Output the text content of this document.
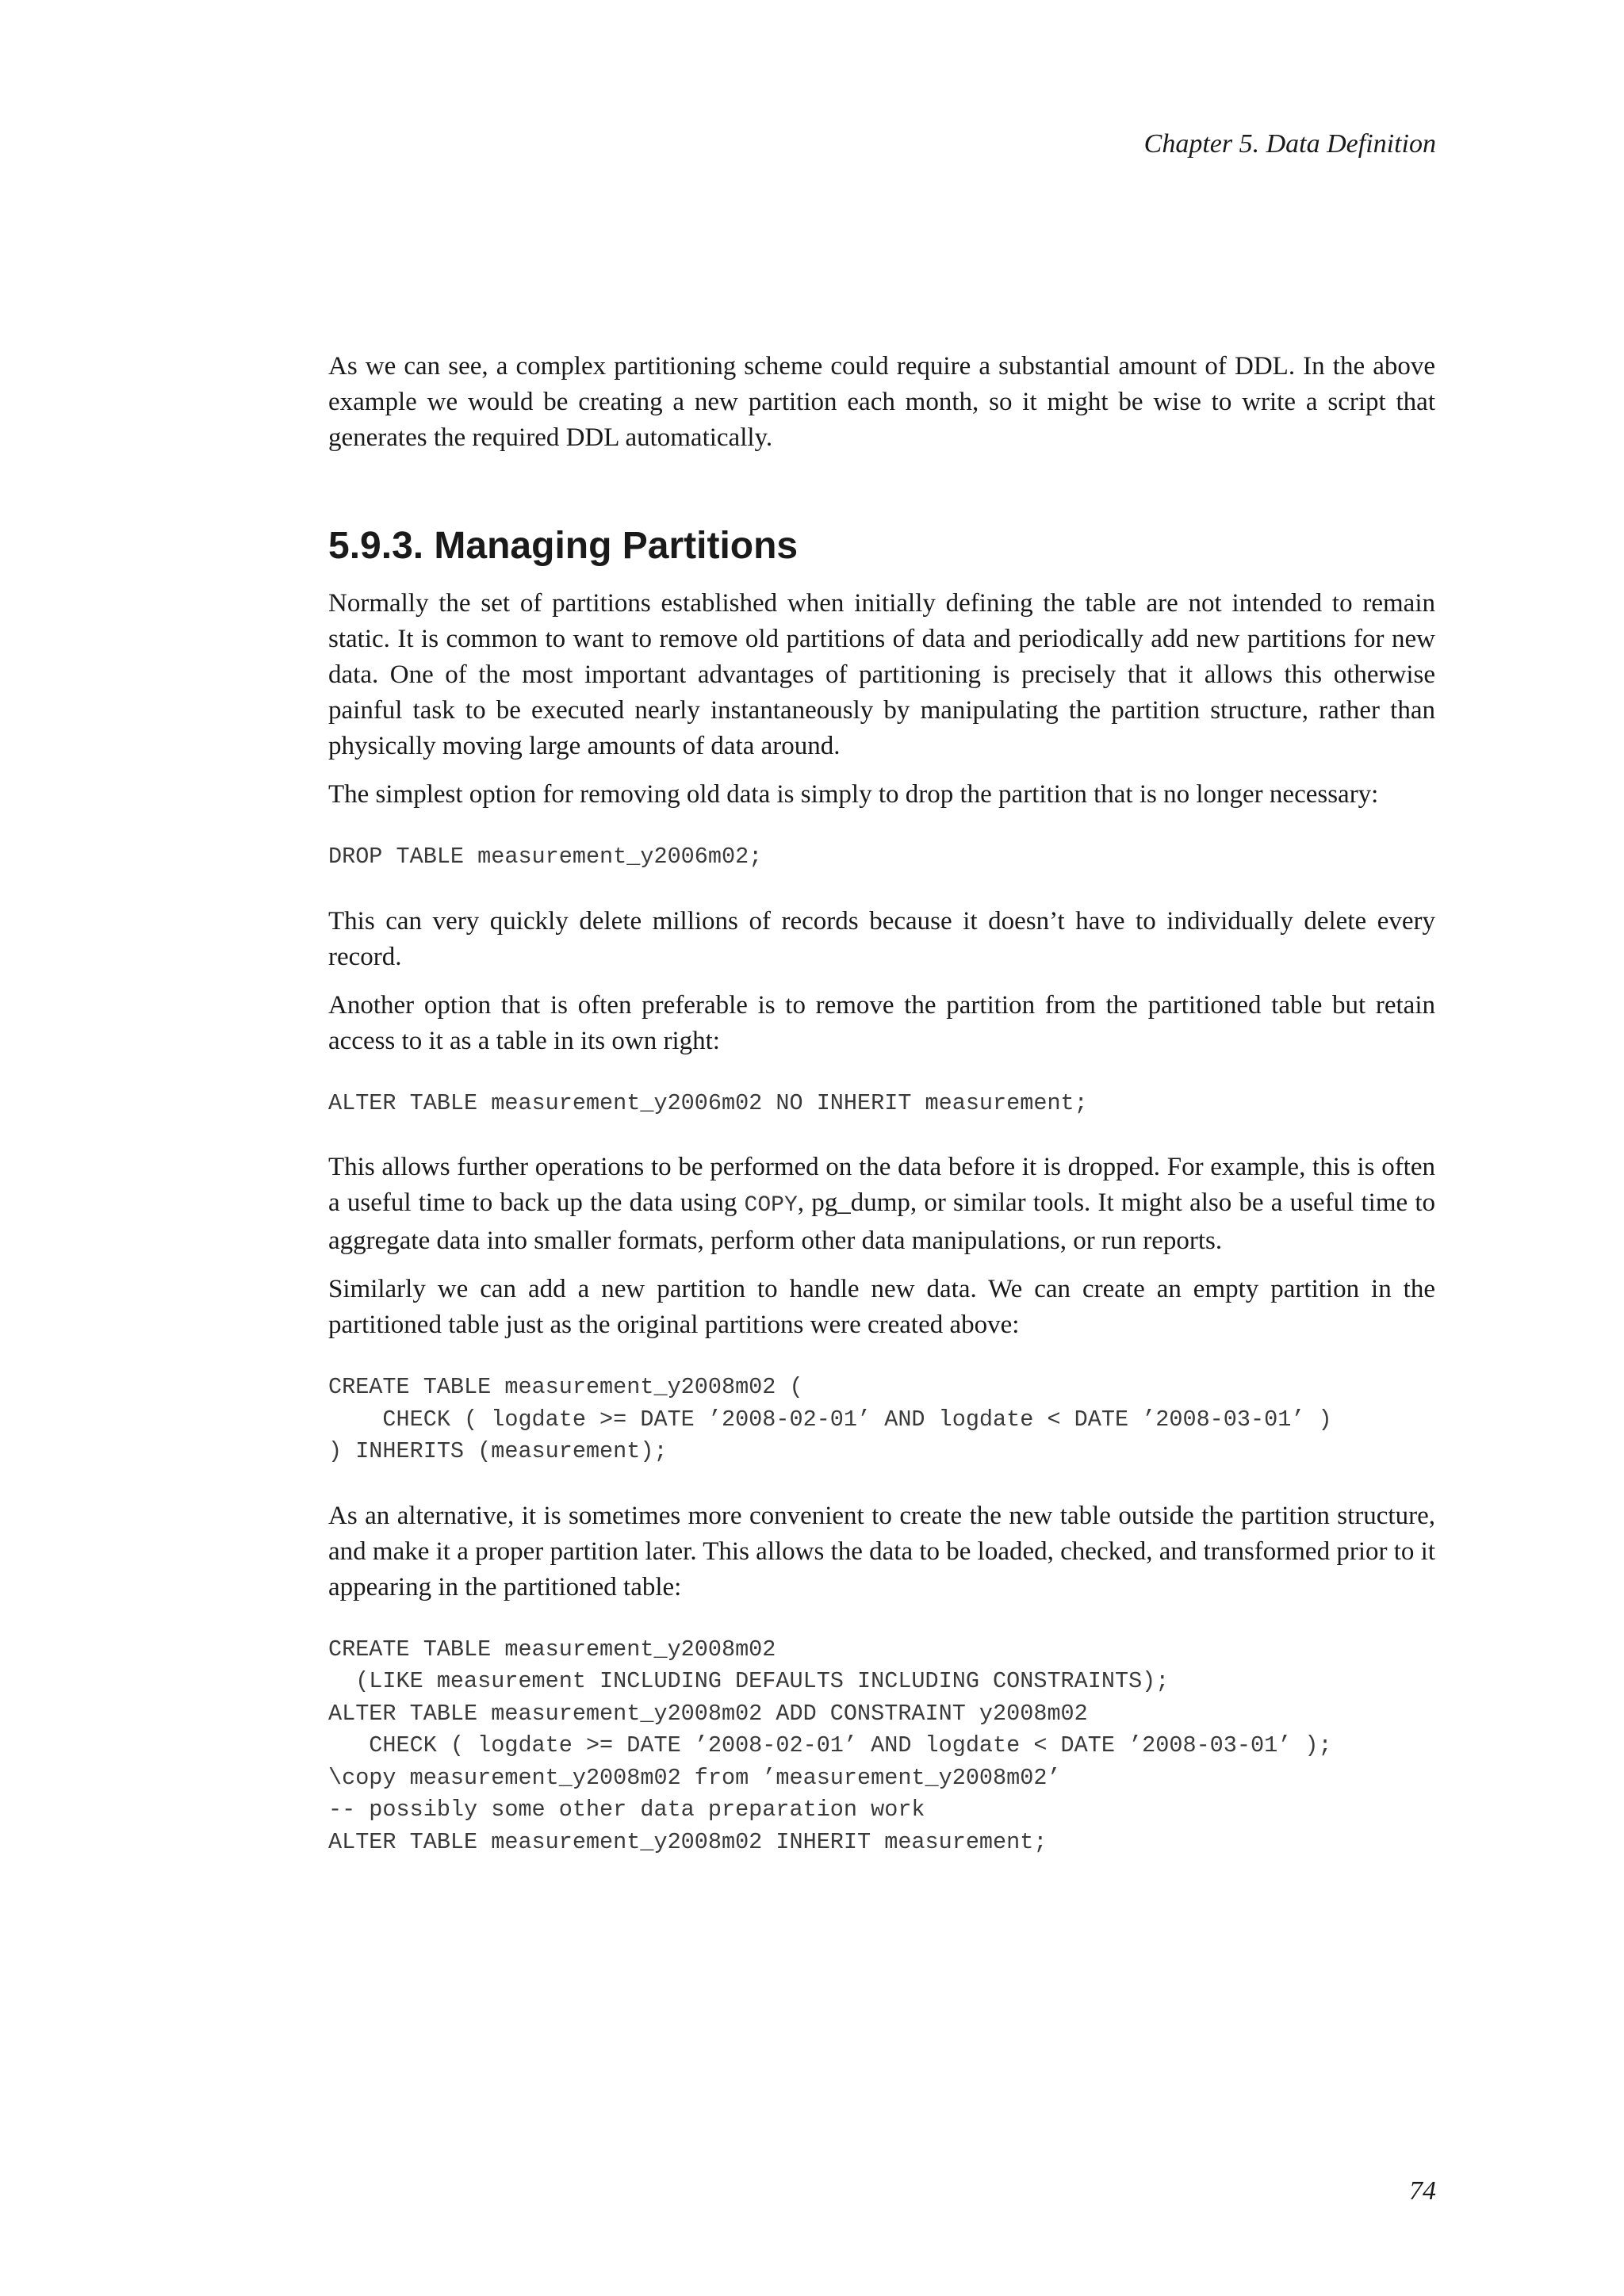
Chapter 5. Data Definition

As we can see, a complex partitioning scheme could require a substantial amount of DDL. In the above example we would be creating a new partition each month, so it might be wise to write a script that generates the required DDL automatically.

5.9.3. Managing Partitions

Normally the set of partitions established when initially defining the table are not intended to remain static. It is common to want to remove old partitions of data and periodically add new partitions for new data. One of the most important advantages of partitioning is precisely that it allows this otherwise painful task to be executed nearly instantaneously by manipulating the partition structure, rather than physically moving large amounts of data around.

The simplest option for removing old data is simply to drop the partition that is no longer necessary:

DROP TABLE measurement_y2006m02;

This can very quickly delete millions of records because it doesn’t have to individually delete every record.

Another option that is often preferable is to remove the partition from the partitioned table but retain access to it as a table in its own right:

ALTER TABLE measurement_y2006m02 NO INHERIT measurement;

This allows further operations to be performed on the data before it is dropped. For example, this is often a useful time to back up the data using COPY, pg_dump, or similar tools. It might also be a useful time to aggregate data into smaller formats, perform other data manipulations, or run reports.

Similarly we can add a new partition to handle new data. We can create an empty partition in the partitioned table just as the original partitions were created above:

CREATE TABLE measurement_y2008m02 (
CHECK ( logdate >= DATE ’2008-02-01’ AND logdate < DATE ’2008-03-01’ )
) INHERITS (measurement);

As an alternative, it is sometimes more convenient to create the new table outside the partition structure, and make it a proper partition later. This allows the data to be loaded, checked, and transformed prior to it appearing in the partitioned table:

CREATE TABLE measurement_y2008m02
(LIKE measurement INCLUDING DEFAULTS INCLUDING CONSTRAINTS);
ALTER TABLE measurement_y2008m02 ADD CONSTRAINT y2008m02
CHECK ( logdate >= DATE ’2008-02-01’ AND logdate < DATE ’2008-03-01’ );
\copy measurement_y2008m02 from ’measurement_y2008m02’
-- possibly some other data preparation work
ALTER TABLE measurement_y2008m02 INHERIT measurement;
74
